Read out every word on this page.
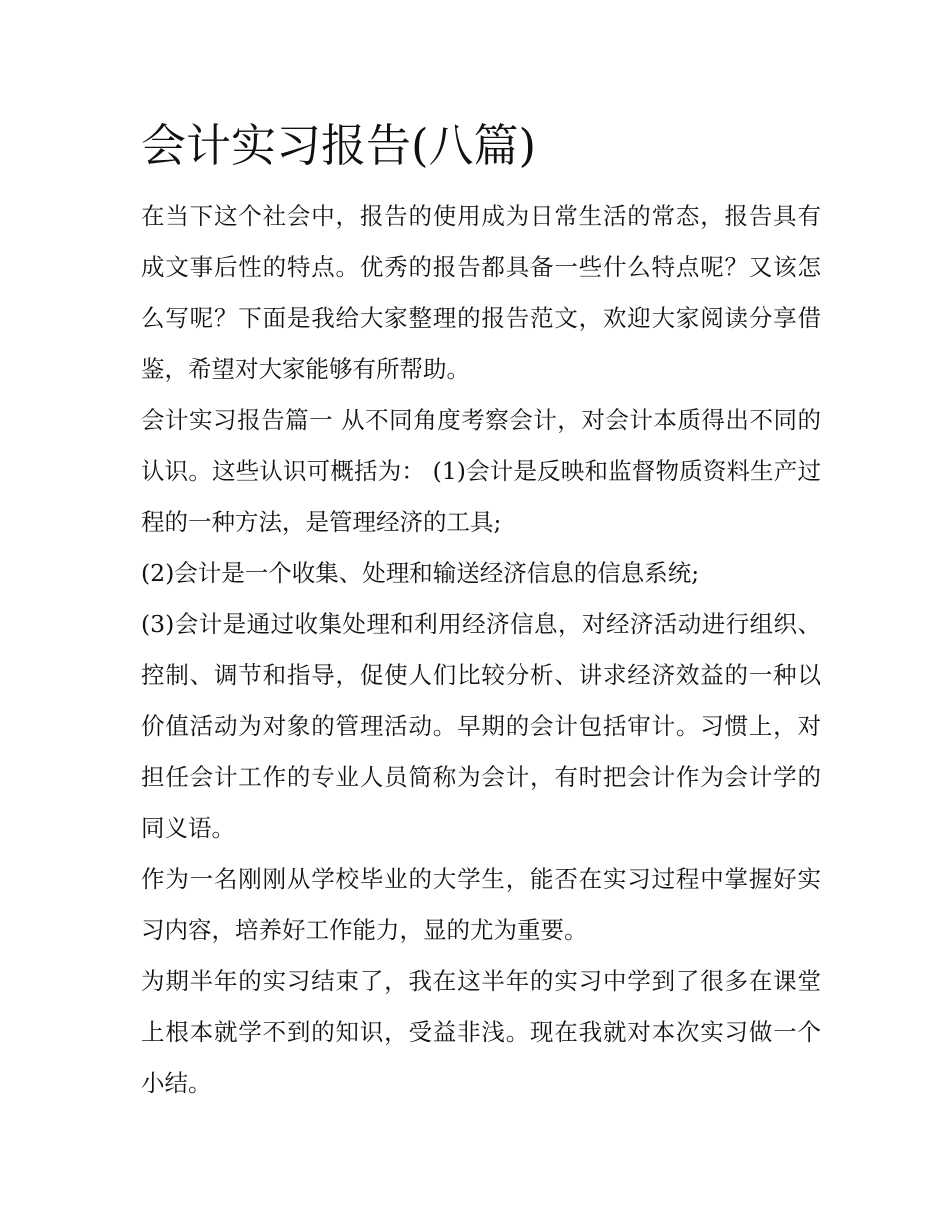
会计实习报告(八篇)

在当下这个社会中，报告的使用成为日常生活的常态，报告具有成文事后性的特点。优秀的报告都具备一些什么特点呢？又该怎么写呢？下面是我给大家整理的报告范文，欢迎大家阅读分享借鉴，希望对大家能够有所帮助。

会计实习报告篇一 从不同角度考察会计，对会计本质得出不同的认识。这些认识可概括为： (1)会计是反映和监督物质资料生产过程的一种方法，是管理经济的工具;

(2)会计是一个收集、处理和输送经济信息的信息系统;

(3)会计是通过收集处理和利用经济信息，对经济活动进行组织、控制、调节和指导，促使人们比较分析、讲求经济效益的一种以价值活动为对象的管理活动。早期的会计包括审计。习惯上，对担任会计工作的专业人员简称为会计，有时把会计作为会计学的同义语。

作为一名刚刚从学校毕业的大学生，能否在实习过程中掌握好实习内容，培养好工作能力，显的尤为重要。

为期半年的实习结束了，我在这半年的实习中学到了很多在课堂上根本就学不到的知识，受益非浅。现在我就对本次实习做一个小结。
